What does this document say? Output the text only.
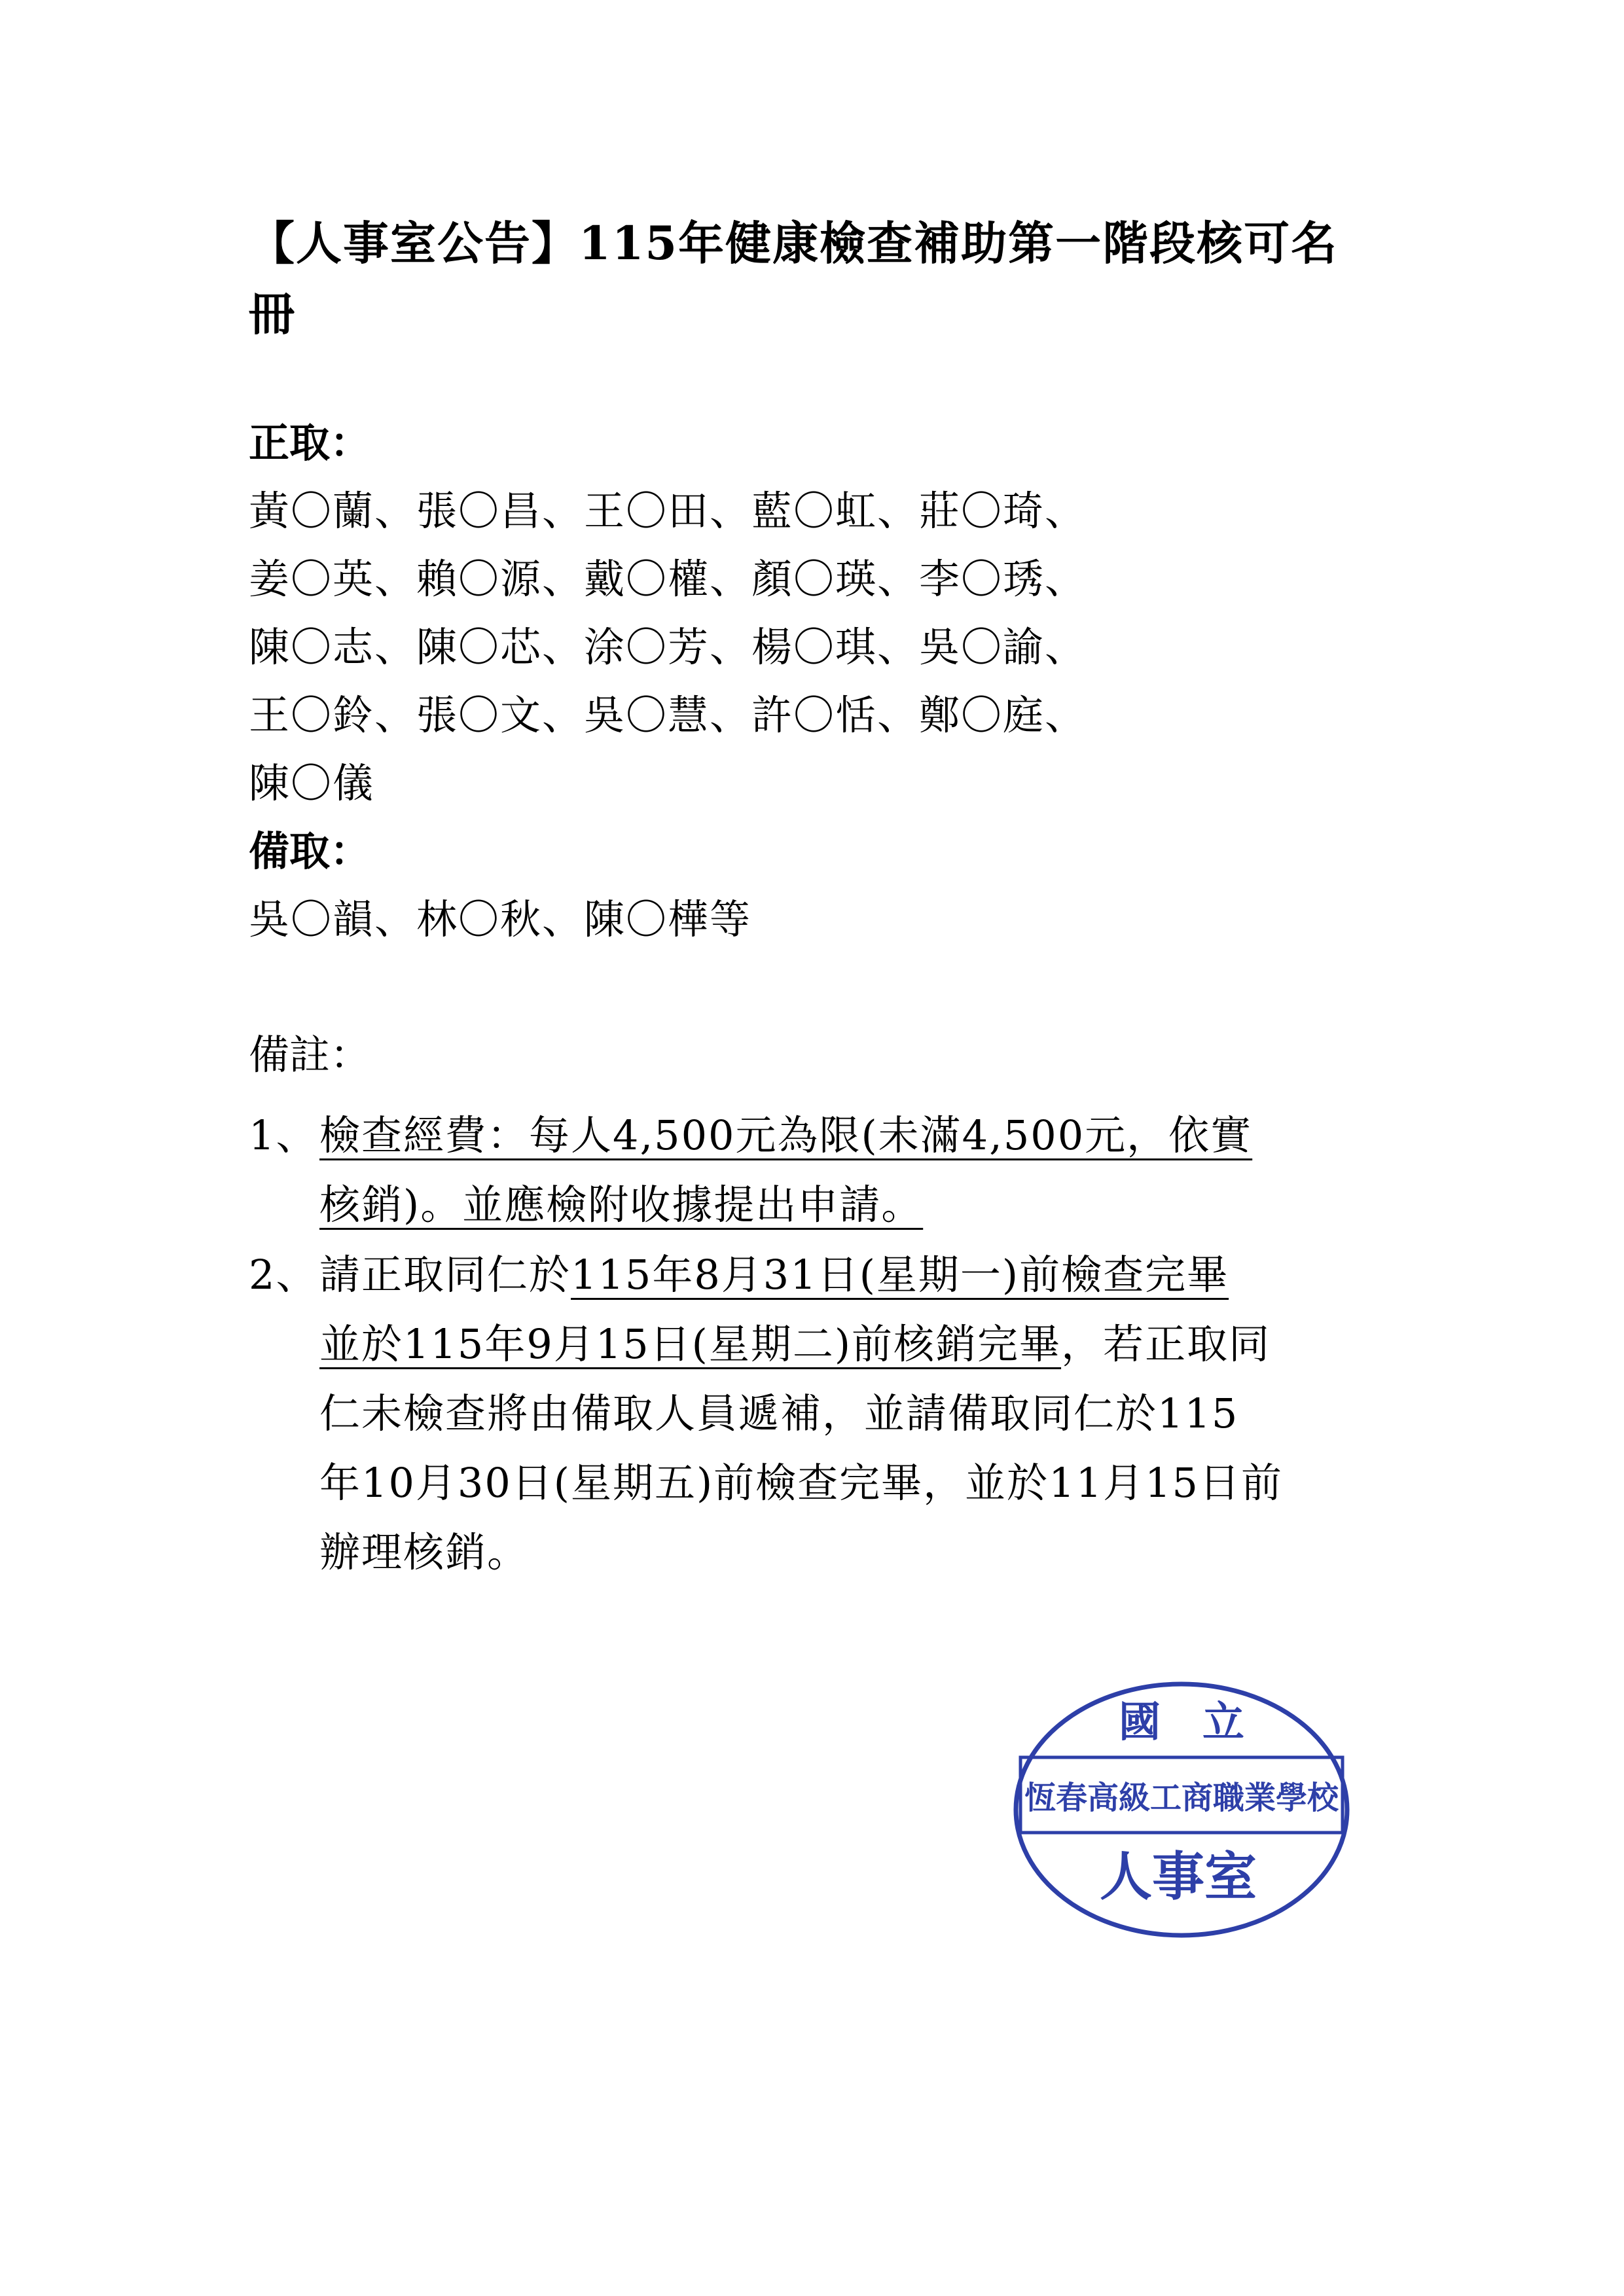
【人事室公告】115年健康檢查補助第一階段核可名
冊
正取：
黃〇蘭、張〇昌、王〇田、藍〇虹、莊〇琦、
姜〇英、賴〇源、戴〇權、顏〇瑛、李〇琇、
陳〇志、陳〇芯、涂〇芳、楊〇琪、吳〇諭、
王〇鈴、張〇文、吳〇慧、許〇恬、鄭〇庭、
陳〇儀
備取：
吳〇韻、林〇秋、陳〇樺等
備註：
1、 檢查經費：每人4,500元為限(未滿4,500元，依實
核銷)。並應檢附收據提出申請。
2、 請正取同仁於115年8月31日(星期一)前檢查完畢
並於115年9月15日(星期二)前核銷完畢，若正取同
仁未檢查將由備取人員遞補，並請備取同仁於115
年10月30日(星期五)前檢查完畢，並於11月15日前
辦理核銷。
國　立
恆春高級工商職業學校
人事室
